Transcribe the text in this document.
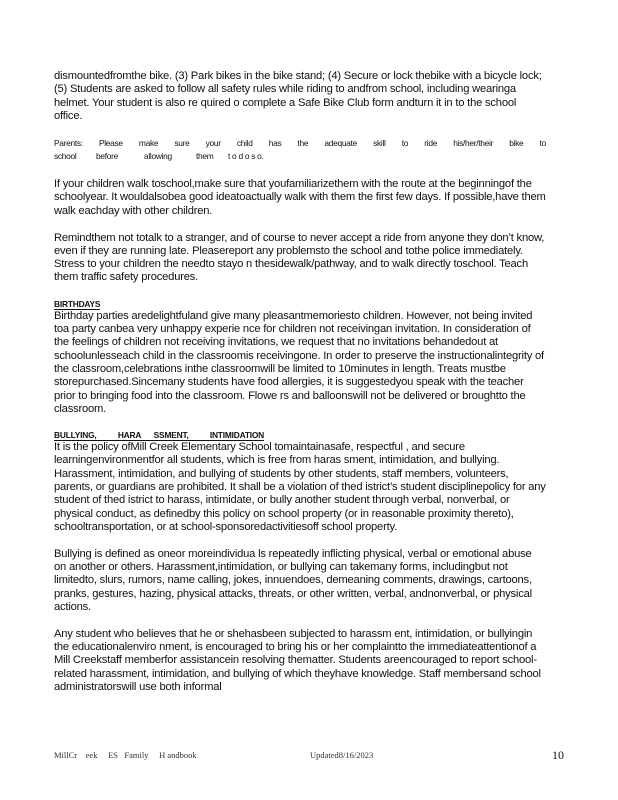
dismountedfromthe bike. (3) Park bikes in the bike stand; (4) Secure or lock thebike with a bicycle lock; (5) Students are asked to follow all safety rules while riding to andfrom school, including wearinga helmet. Your student is also re quired o complete a Safe Bike Club form andturn it in to the school office.

Parents: Please make sure your child has the adequate skill to ride his/her/their bike to
school	before	allowing	them	t o d o s o.

If your children walk toschool,make sure that youfamiliarizethem with the route at the beginningof the schoolyear. It wouldalsobea good ideatoactually walk with them the first few days. If possible,have them walk eachday with other children.

Remindthem not totalk to a stranger, and of course to never accept a ride from anyone they don’t know, even if they are running late. Pleasereport any problemsto the school and tothe police immediately. Stress to your children the needto stayo n thesidewalk/pathway, and to walk directly toschool. Teach them traffic safety procedures.

BIRTHDAYS

Birthday parties aredelightfuland give many pleasantmemoriesto children. However, not being invited toa party canbea very unhappy experie nce for children not receivingan invitation. In consideration of the feelings of children not receiving invitations, we request that no invitations behandedout at schoolunlesseach child in the classroomis receivingone. In order to preserve the instructionalintegrity of the classroom,celebrations inthe classroomwill be limited to 10minutes in length. Treats mustbe storepurchased.Sincemany students have food allergies, it is suggestedyou speak with the teacher prior to bringing food into the classroom. Flowe rs and balloonswill not be delivered or broughtto the classroom.

BULLYING,          HARA      SSMENT,          INTIMIDATION

It is the policy ofMill Creek Elementary School tomaintainasafe, respectful , and secure learningenvironmentfor all students, which is free from haras sment, intimidation, and bullying. Harassment, intimidation, and bullying of students by other students, staff members, volunteers, parents, or guardians are prohibited. It shall be a violation of thed istrict’s student disciplinepolicy for any student of thed istrict to harass, intimidate, or bully another student through verbal, nonverbal, or physical conduct, as definedby this policy on school property (or in reasonable proximity thereto), schooltransportation, or at school-sponsoredactivitiesoff school property.

Bullying is defined as oneor moreindividua ls repeatedly inflicting physical, verbal or emotional abuse on another or others. Harassment,intimidation, or bullying can takemany forms, includingbut not limitedto, slurs, rumors, name calling, jokes, innuendoes, demeaning comments, drawings, cartoons, pranks, gestures, hazing, physical attacks, threats, or other written, verbal, andnonverbal, or physical actions.

Any student who believes that he or shehasbeen subjected to harassm ent, intimidation, or bullyingin the educationalenviro nment, is encouraged to bring his or her complaintto the immediateattentionof a Mill Creekstaff memberfor assistancein resolving thematter. Students areencouraged to report school- related harassment, intimidation, and bullying of which theyhave knowledge. Staff membersand school administratorswill use both informal

MillCr    eek     ES   Family     H andbook	Updated8/16/2023	10
